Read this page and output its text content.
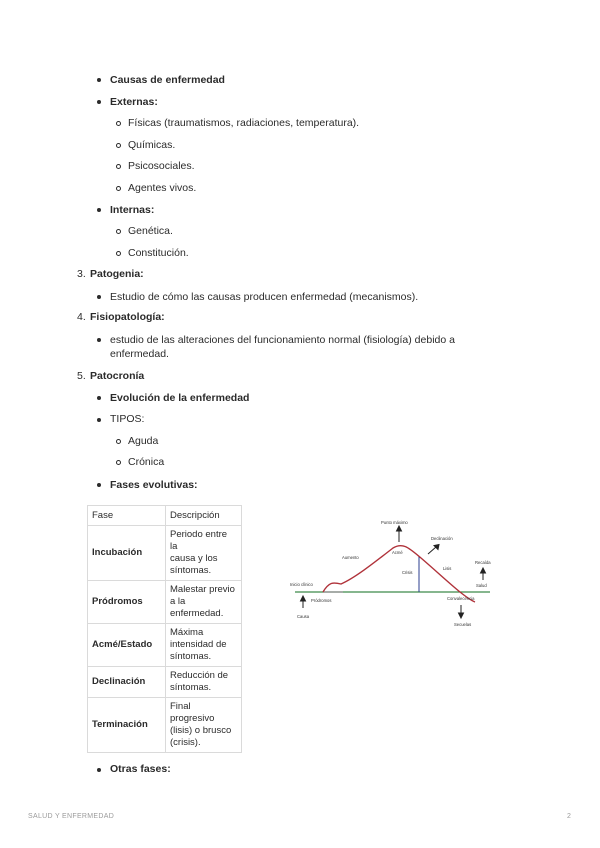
Causas de enfermedad
Externas:
Físicas (traumatismos, radiaciones, temperatura).
Químicas.
Psicosociales.
Agentes vivos.
Internas:
Genética.
Constitución.
3. Patogenia:
Estudio de cómo las causas producen enfermedad (mecanismos).
4. Fisiopatología:
estudio de las alteraciones del funcionamiento normal (fisiología) debido a
enfermedad.
5. Patocronía
Evolución de la enfermedad
TIPOS:
Aguda
Crónica
Fases evolutivas:
Fase	Descripción
Incubación	Periodo entre la
causa y los
síntomas.

Pródromos	Malestar previo
a la
enfermedad.

Acmé/Estado	Máxima
intensidad de
síntomas.

Declinación	Reducción de
síntomas.

Terminación	Final
progresivo
(lisis) o brusco
(crisis).
Inicio clínico
Pródromos
Causa
Aumento
Acmé
Punto máximo
Declinación
Crisis
Lisis
Recaída
Salud
Convalecencia
Secuelas
Otras fases:
SALUD Y ENFERMEDAD	2
